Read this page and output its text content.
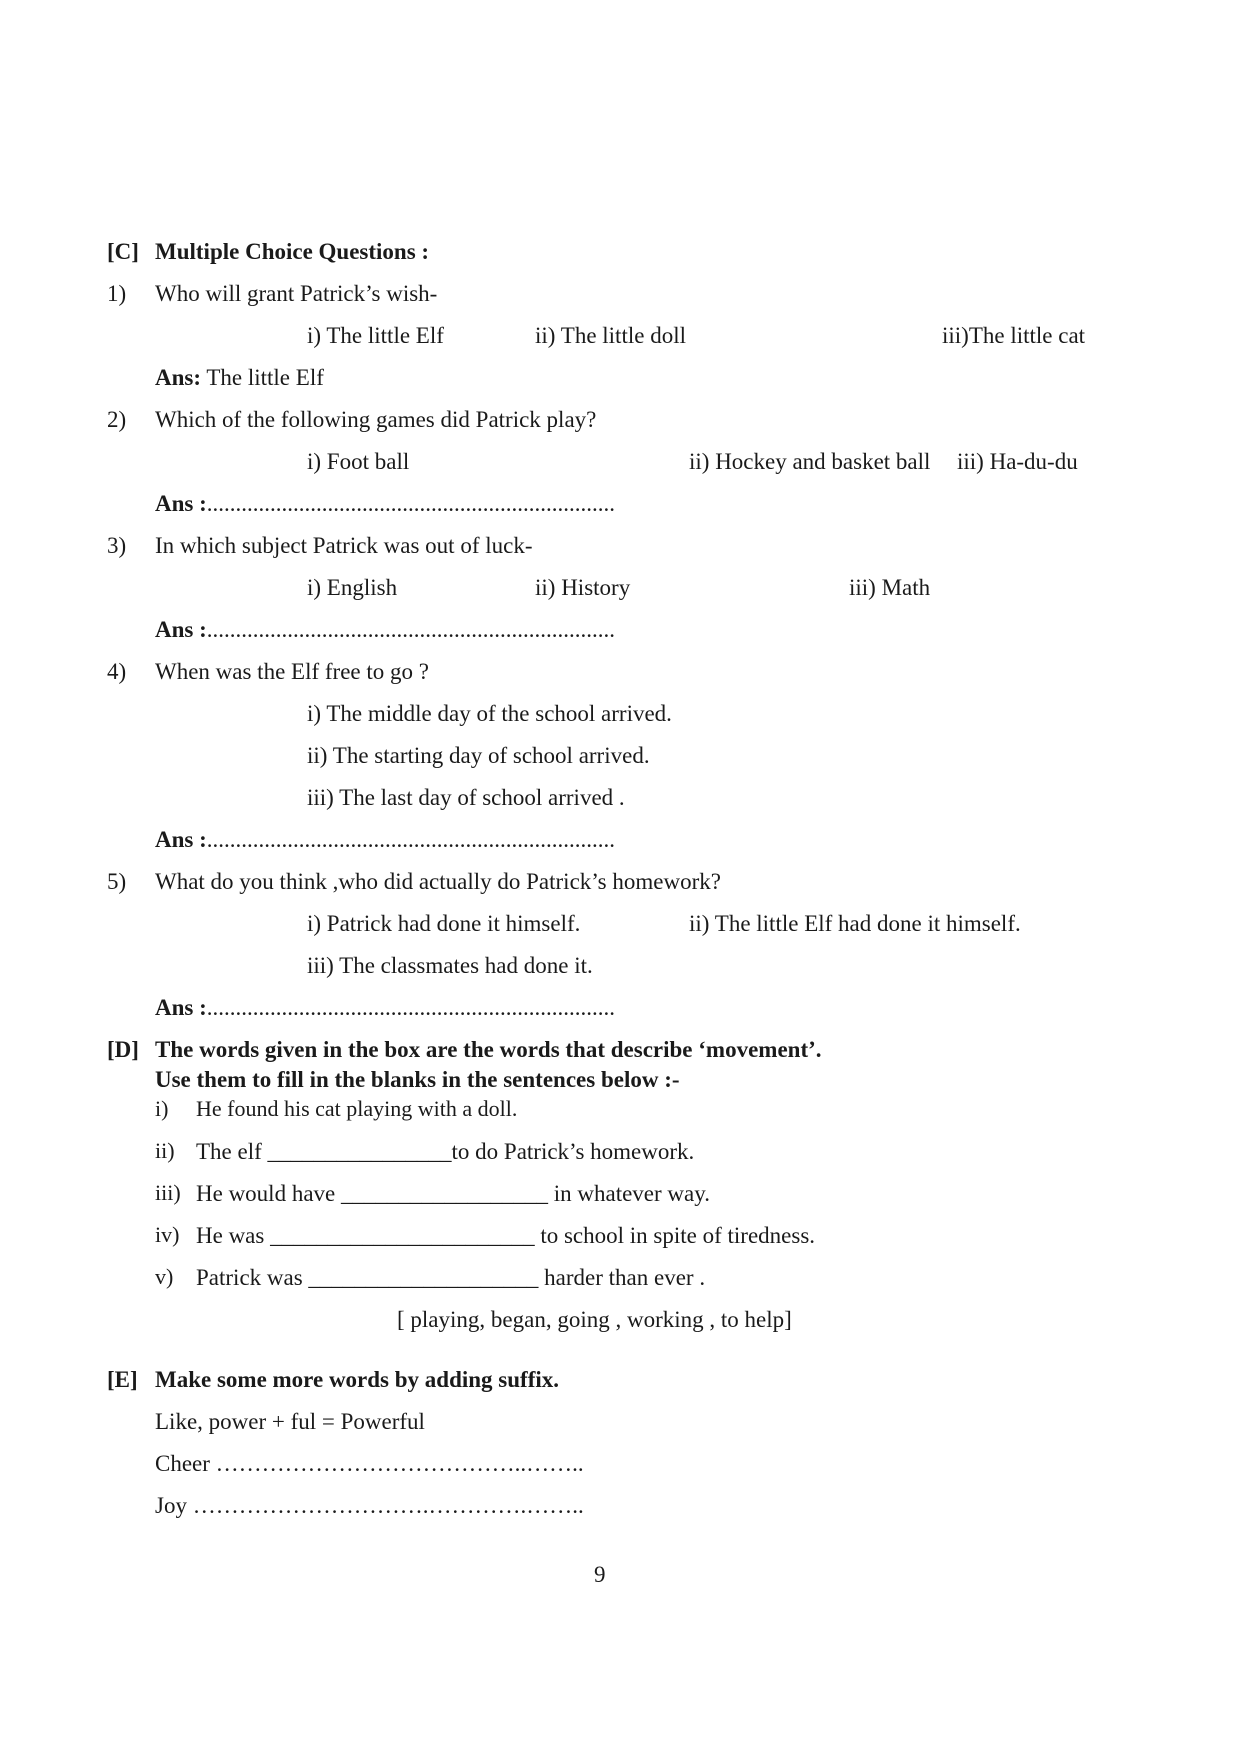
[C] Multiple Choice Questions :
1) Who will grant Patrick’s wish-
i) The little Elf	ii) The little doll	iii)The little cat
Ans: The little Elf
2) Which of the following games did Patrick play?
i) Foot ball	ii) Hockey and basket ball iii) Ha-du-du
Ans :.......................................................................
3) In which subject Patrick was out of luck-
i) English	ii) History	iii) Math
Ans :.......................................................................
4) When was the Elf free to go ?
i) The middle day of the school arrived.
ii) The starting day of school arrived.
iii) The last day of school arrived .
Ans :.......................................................................
5) What do you think ,who did actually do Patrick’s homework?
i) Patrick had done it himself.	ii) The little Elf had done it himself.
iii) The classmates had done it.
Ans :.......................................................................
[D] The words given in the box are the words that describe ‘movement’.
Use them to fill in the blanks in the sentences below :-
i) He found his cat playing with a doll.
ii) The elf ________________to do Patrick’s homework.
iii) He would have __________________ in whatever way.
iv) He was _______________________ to school in spite of tiredness.
v) Patrick was ____________________ harder than ever .
[ playing, began, going , working , to help]
[E] Make some more words by adding suffix.
Like, power + ful = Powerful
Cheer …………………………………..……..
Joy ………………………….………….……..
9
